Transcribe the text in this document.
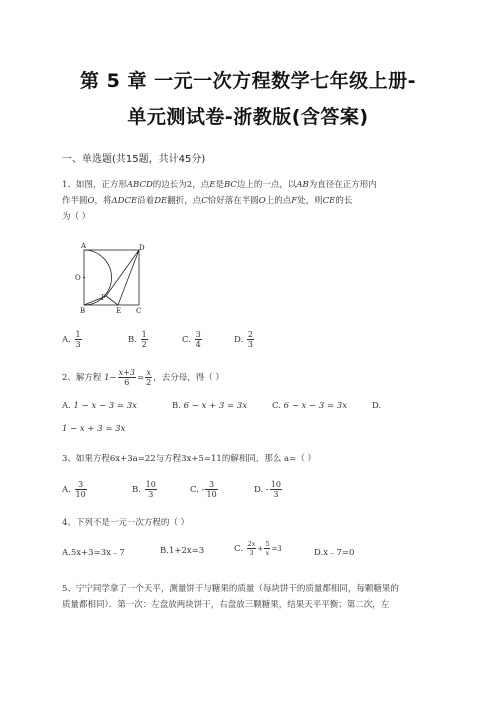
第 5 章 一元一次方程数学七年级上册-
单元测试卷-浙教版(含答案)
一、单选题(共15题，共计45分)
1、如图，正方形ABCD的边长为2，点E是BC边上的一点，以AB为直径在正方形内
作半圆O，将ΔDCE沿着DE翻折，点C恰好落在半圆O上的点F处，则CE的长
为（ ）
A	D
O
F
B	E C
A. $\frac{1}{3}$	B. $\frac{1}{2}$	C. $\frac{3}{4}$	D. $\frac{2}{3}$
2、解方程 $1- \frac{x+3}{6} = \frac{x}{2}$ ，去分母，得（ ）
A. 1 − x − 3 = 3x	B. 6 − x + 3 = 3x	C. 6 − x − 3 = 3x	D.
1 − x + 3 = 3x
3、如果方程6x+3a=22与方程3x+5=11的解相同，那么 a=（ ）
A. $\frac{3}{10}$	B. $\frac{10}{3}$	C. - $\frac{3}{10}$	D. - $\frac{10}{3}$
4、下列不是一元一次方程的（ ）
A.5x+3=3x﹣7	B.1+2x=3	C. $\frac{2x}{3} + \frac{5}{x} =3$	D.x﹣7=0
5、宁宁同学拿了一个天平，测量饼干与糖果的质量（每块饼干的质量都相同，每颗糖果的
质量都相同）．第一次：左盘放两块饼干，右盘放三颗糖果，结果天平平衡；第二次，左
